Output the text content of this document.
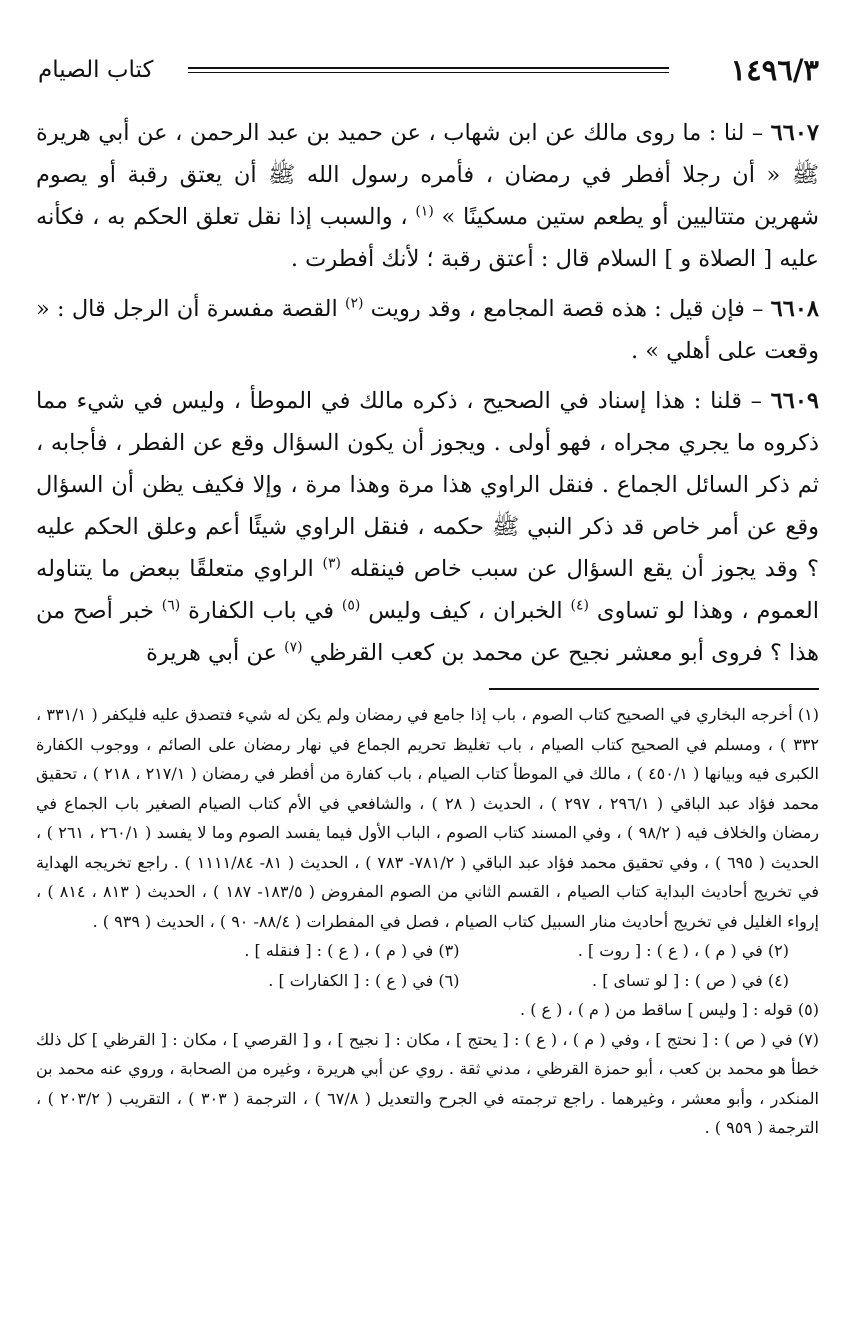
١٤٩٦/٣
كتاب الصيام

٦٦٠٧ – لنا : ما روى مالك عن ابن شهاب ، عن حميد بن عبد الرحمن ، عن أبي هريرة ﷺ « أن رجلا أفطر في رمضان ، فأمره رسول الله ﷺ أن يعتق رقبة أو يصوم شهرين متتاليين أو يطعم ستين مسكينًا » $^{(١)}$ ، والسبب إذا نقل تعلق الحكم به ، فكأنه عليه [ الصلاة و ] السلام قال : أعتق رقبة ؛ لأنك أفطرت .

٦٦٠٨ – فإن قيل : هذه قصة المجامع ، وقد رويت $^{(٢)}$ القصة مفسرة أن الرجل قال : « وقعت على أهلي » .

٦٦٠٩ – قلنا : هذا إسناد في الصحيح ، ذكره مالك في الموطأ ، وليس في شيء مما ذكروه ما يجري مجراه ، فهو أولى . ويجوز أن يكون السؤال وقع عن الفطر ، فأجابه ، ثم ذكر السائل الجماع . فنقل الراوي هذا مرة وهذا مرة ، وإلا فكيف يظن أن السؤال وقع عن أمر خاص قد ذكر النبي ﷺ حكمه ، فنقل الراوي شيئًا أعم وعلق الحكم عليه ؟ وقد يجوز أن يقع السؤال عن سبب خاص فينقله $^{(٣)}$ الراوي متعلقًا ببعض ما يتناوله العموم ، وهذا لو تساوى $^{(٤)}$ الخبران ، كيف وليس $^{(٥)}$ في باب الكفارة $^{(٦)}$ خبر أصح من هذا ؟ فروى أبو معشر نجيح عن محمد بن كعب القرظي $^{(٧)}$ عن أبي هريرة

(١) أخرجه البخاري في الصحيح كتاب الصوم ، باب إذا جامع في رمضان ولم يكن له شيء فتصدق عليه فليكفر ( ٣٣١/١ ، ٣٣٢ ) ، ومسلم في الصحيح كتاب الصيام ، باب تغليظ تحريم الجماع في نهار رمضان على الصائم ، ووجوب الكفارة الكبرى فيه وبيانها ( ٤٥٠/١ ) ، مالك في الموطأ كتاب الصيام ، باب كفارة من أفطر في رمضان ( ٢١٧/١ ، ٢١٨ ) ، تحقيق محمد فؤاد عبد الباقي ( ٢٩٦/١ ، ٢٩٧ ) ، الحديث ( ٢٨ ) ، والشافعي في الأم كتاب الصيام الصغير باب الجماع في رمضان والخلاف فيه ( ٩٨/٢ ) ، وفي المسند كتاب الصوم ، الباب الأول فيما يفسد الصوم وما لا يفسد ( ٢٦٠/١ ، ٢٦١ ) ، الحديث ( ٦٩٥ ) ، وفي تحقيق محمد فؤاد عبد الباقي ( ٧٨١/٢- ٧٨٣ ) ، الحديث ( ٨١- ١١١١/٨٤ ) . راجع تخريجه الهداية في تخريج أحاديث البداية كتاب الصيام ، القسم الثاني من الصوم المفروض ( ١٨٣/٥- ١٨٧ ) ، الحديث ( ٨١٣ ، ٨١٤ ) ، إرواء الغليل في تخريج أحاديث منار السبيل كتاب الصيام ، فصل في المفطرات ( ٨٨/٤- ٩٠ ) ، الحديث ( ٩٣٩ ) .

(٢) في ( م ) ، ( ع ) : [ روت ] .
(٣) في ( م ) ، ( ع ) : [ فنقله ] .
(٤) في ( ص ) : [ لو تساى ] .
(٦) في ( ع ) : [ الكفارات ] .

(٥) قوله : [ وليس ] ساقط من ( م ) ، ( ع ) .

(٧) في ( ص ) : [ نحتج ] ، وفي ( م ) ، ( ع ) : [ يحتج ] ، مكان : [ نجيح ] ، و [ القرصي ] ، مكان : [ القرظي ] كل ذلك خطأ هو محمد بن كعب ، أبو حمزة القرظي ، مدني ثقة . روي عن أبي هريرة ، وغيره من الصحابة ، وروي عنه محمد بن المنكدر ، وأبو معشر ، وغيرهما . راجع ترجمته في الجرح والتعديل ( ٦٧/٨ ) ، الترجمة ( ٣٠٣ ) ، التقريب ( ٢٠٣/٢ ) ، الترجمة ( ٩٥٩ ) .
